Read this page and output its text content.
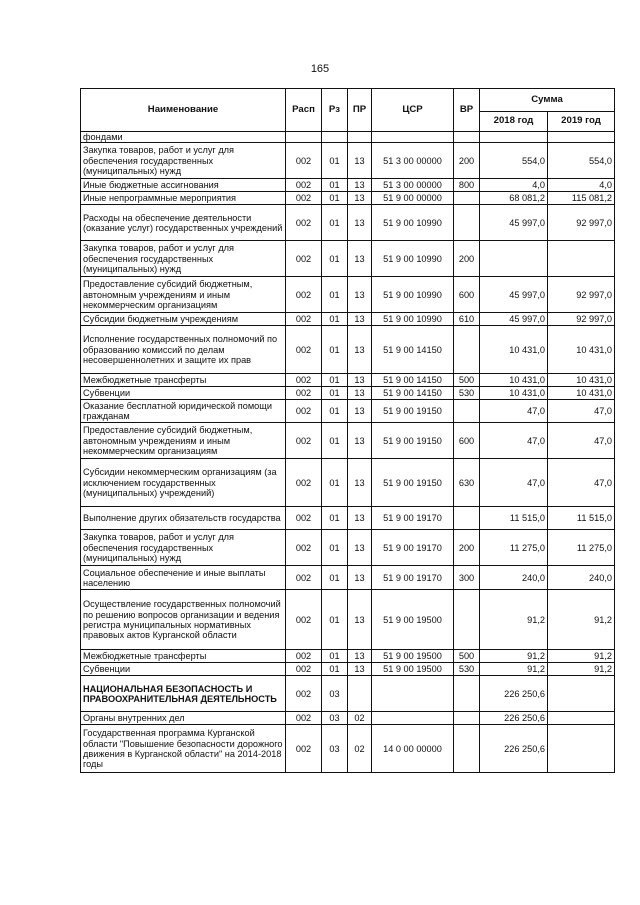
165
Наименование	Расп	Рз	ПР	ЦСР	ВР	Сумма	
						2018 год	2019 год
фондами							
Закупка товаров, работ и услуг для обеспечения государственных (муниципальных) нужд	002	01	13	51 3 00 00000	200	554,0	554,0
Иные бюджетные ассигнования	002	01	13	51 3 00 00000	800	4,0	4,0
Иные непрограммные мероприятия	002	01	13	51 9 00 00000		68 081,2	115 081,2
Расходы на обеспечение деятельности (оказание услуг) государственных учреждений	002	01	13	51 9 00 10990		45 997,0	92 997,0
Закупка товаров, работ и услуг для обеспечения государственных (муниципальных) нужд	002	01	13	51 9 00 10990	200		
Предоставление субсидий бюджетным, автономным учреждениям и иным некоммерческим организациям	002	01	13	51 9 00 10990	600	45 997,0	92 997,0
Субсидии бюджетным учреждениям	002	01	13	51 9 00 10990	610	45 997,0	92 997,0
Исполнение государственных полномочий по образованию комиссий по делам несовершеннолетних и защите их прав	002	01	13	51 9 00 14150		10 431,0	10 431,0
Межбюджетные трансферты	002	01	13	51 9 00 14150	500	10 431,0	10 431,0
Субвенции	002	01	13	51 9 00 14150	530	10 431,0	10 431,0
Оказание бесплатной юридической помощи гражданам	002	01	13	51 9 00 19150		47,0	47,0
Предоставление субсидий бюджетным, автономным учреждениям и иным некоммерческим организациям	002	01	13	51 9 00 19150	600	47,0	47,0
Субсидии некоммерческим организациям (за исключением государственных (муниципальных) учреждений)	002	01	13	51 9 00 19150	630	47,0	47,0
Выполнение других обязательств государства	002	01	13	51 9 00 19170		11 515,0	11 515,0
Закупка товаров, работ и услуг для обеспечения государственных (муниципальных) нужд	002	01	13	51 9 00 19170	200	11 275,0	11 275,0
Социальное обеспечение и иные выплаты населению	002	01	13	51 9 00 19170	300	240,0	240,0
Осуществление государственных полномочий по решению вопросов организации и ведения регистра муниципальных нормативных правовых актов Курганской области	002	01	13	51 9 00 19500		91,2	91,2
Межбюджетные трансферты	002	01	13	51 9 00 19500	500	91,2	91,2
Субвенции	002	01	13	51 9 00 19500	530	91,2	91,2
НАЦИОНАЛЬНАЯ БЕЗОПАСНОСТЬ И ПРАВООХРАНИТЕЛЬНАЯ ДЕЯТЕЛЬНОСТЬ	002	03				226 250,6	
Органы внутренних дел	002	03	02			226 250,6	
Государственная программа Курганской области "Повышение безопасности дорожного движения в Курганской области" на 2014-2018 годы	002	03	02	14 0 00 00000		226 250,6	
